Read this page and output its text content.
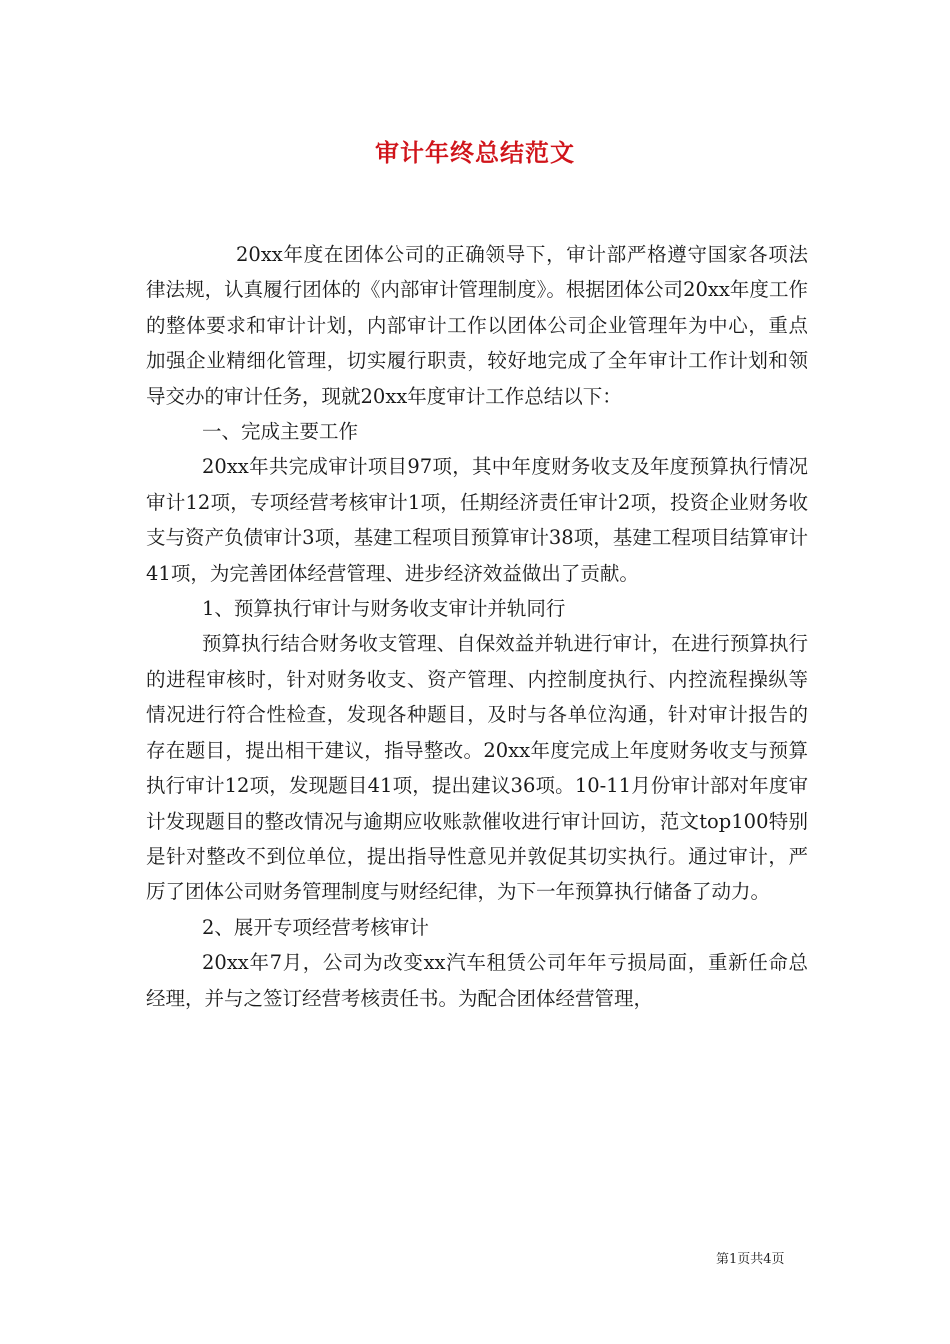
审计年终总结范文

20xx年度在团体公司的正确领导下，审计部严格遵守国家各项法律法规，认真履行团体的《内部审计管理制度》。根据团体公司20xx年度工作的整体要求和审计计划，内部审计工作以团体公司企业管理年为中心，重点加强企业精细化管理，切实履行职责，较好地完成了全年审计工作计划和领导交办的审计任务，现就20xx年度审计工作总结以下：

一、完成主要工作

20xx年共完成审计项目97项，其中年度财务收支及年度预算执行情况审计12项，专项经营考核审计1项，任期经济责任审计2项，投资企业财务收支与资产负债审计3项，基建工程项目预算审计38项，基建工程项目结算审计41项，为完善团体经营管理、进步经济效益做出了贡献。

1、预算执行审计与财务收支审计并轨同行

预算执行结合财务收支管理、自保效益并轨进行审计，在进行预算执行的进程审核时，针对财务收支、资产管理、内控制度执行、内控流程操纵等情况进行符合性检查，发现各种题目，及时与各单位沟通，针对审计报告的存在题目，提出相干建议，指导整改。20xx年度完成上年度财务收支与预算执行审计12项，发现题目41项，提出建议36项。10-11月份审计部对年度审计发现题目的整改情况与逾期应收账款催收进行审计回访，范文top100特别是针对整改不到位单位，提出指导性意见并敦促其切实执行。通过审计，严厉了团体公司财务管理制度与财经纪律，为下一年预算执行储备了动力。

2、展开专项经营考核审计

20xx年7月，公司为改变xx汽车租赁公司年年亏损局面，重新任命总经理，并与之签订经营考核责任书。为配合团体经营管理，

第1页共4页
